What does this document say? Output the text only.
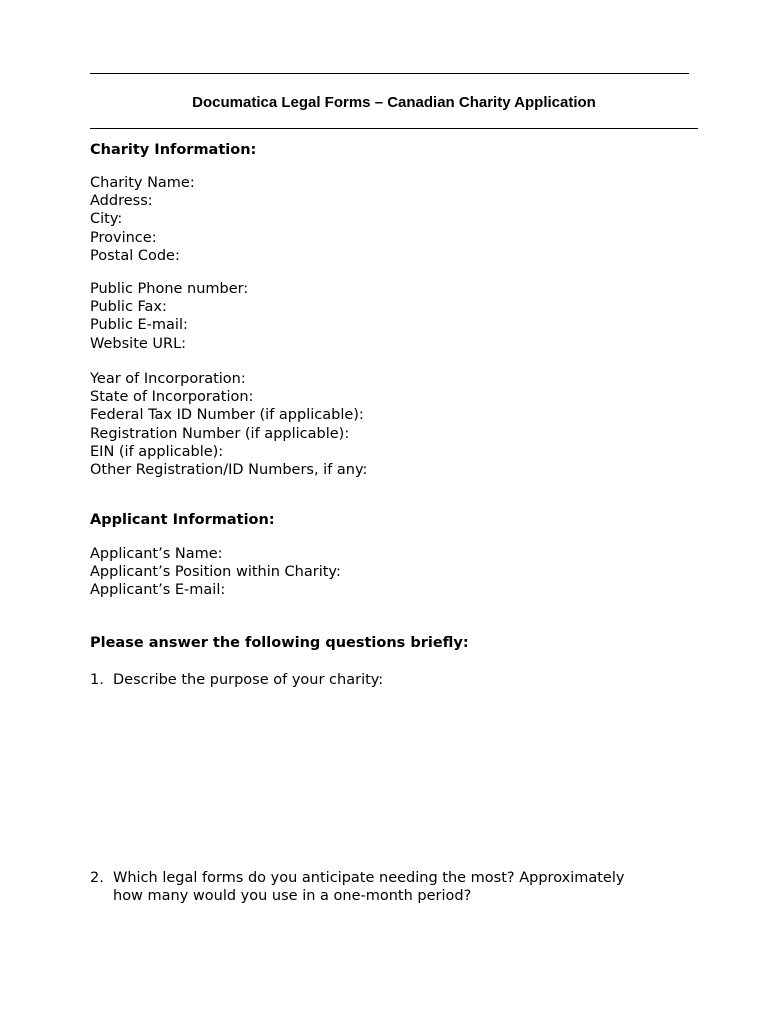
Documatica Legal Forms – Canadian Charity Application
Charity Information:
Charity Name:
Address:
City:
Province:
Postal Code:
Public Phone number:
Public Fax:
Public E-mail:
Website URL:
Year of Incorporation:
State of Incorporation:
Federal Tax ID Number (if applicable):
Registration Number (if applicable):
EIN (if applicable):
Other Registration/ID Numbers, if any:
Applicant Information:
Applicant’s Name:
Applicant’s Position within Charity:
Applicant’s E-mail:
Please answer the following questions briefly:
1. Describe the purpose of your charity:
2. Which legal forms do you anticipate needing the most? Approximately
how many would you use in a one-month period?
